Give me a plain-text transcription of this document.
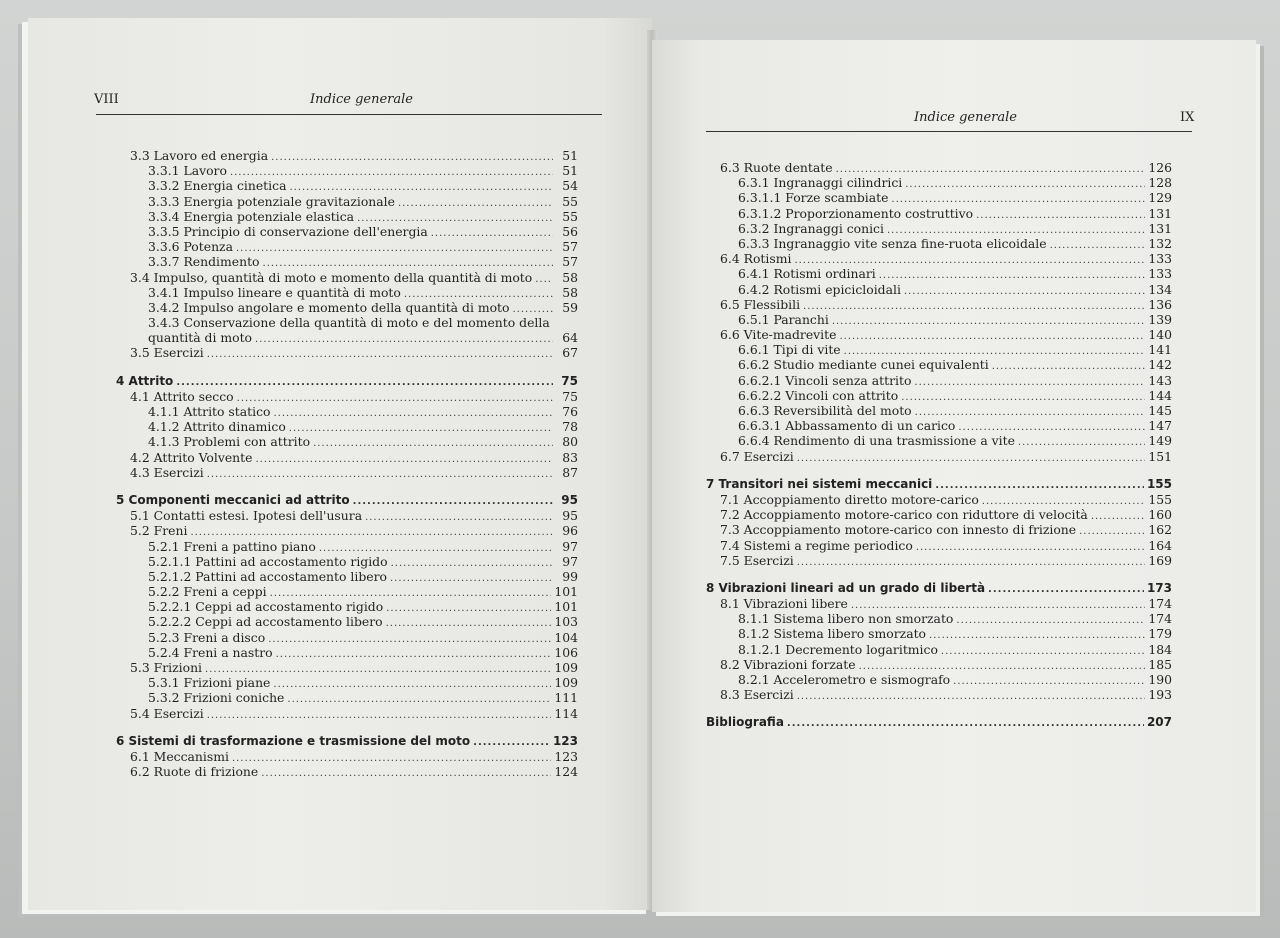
VIII	Indice generale
3.3 Lavoro ed energia .....	51
3.3.1 Lavoro .....	51
3.3.2 Energia cinetica .....	54
3.3.3 Energia potenziale gravitazionale .....	55
3.3.4 Energia potenziale elastica .....	55
3.3.5 Principio di conservazione dell'energia .....	56
3.3.6 Potenza .....	57
3.3.7 Rendimento .....	57
3.4 Impulso, quantità di moto e momento della quantità di moto .....	58
3.4.1 Impulso lineare e quantità di moto .....	58
3.4.2 Impulso angolare e momento della quantità di moto .....	59
3.4.3 Conservazione della quantità di moto e del momento della
quantità di moto .....	64
3.5 Esercizi .....	67
4 Attrito .....	75
4.1 Attrito secco .....	75
4.1.1 Attrito statico .....	76
4.1.2 Attrito dinamico .....	78
4.1.3 Problemi con attrito .....	80
4.2 Attrito Volvente .....	83
4.3 Esercizi .....	87
5 Componenti meccanici ad attrito .....	95
5.1 Contatti estesi. Ipotesi dell'usura .....	95
5.2 Freni .....	96
5.2.1 Freni a pattino piano .....	97
5.2.1.1 Pattini ad accostamento rigido .....	97
5.2.1.2 Pattini ad accostamento libero .....	99
5.2.2 Freni a ceppi .....	101
5.2.2.1 Ceppi ad accostamento rigido .....	101
5.2.2.2 Ceppi ad accostamento libero .....	103
5.2.3 Freni a disco .....	104
5.2.4 Freni a nastro .....	106
5.3 Frizioni .....	109
5.3.1 Frizioni piane .....	109
5.3.2 Frizioni coniche .....	111
5.4 Esercizi .....	114
6 Sistemi di trasformazione e trasmissione del moto .....	123
6.1 Meccanismi .....	123
6.2 Ruote di frizione .....	124
Indice generale	IX
6.3 Ruote dentate .....	126
6.3.1 Ingranaggi cilindrici .....	128
6.3.1.1 Forze scambiate .....	129
6.3.1.2 Proporzionamento costruttivo .....	131
6.3.2 Ingranaggi conici .....	131
6.3.3 Ingranaggio vite senza fine-ruota elicoidale .....	132
6.4 Rotismi .....	133
6.4.1 Rotismi ordinari .....	133
6.4.2 Rotismi epicicloidali .....	134
6.5 Flessibili .....	136
6.5.1 Paranchi .....	139
6.6 Vite-madrevite .....	140
6.6.1 Tipi di vite .....	141
6.6.2 Studio mediante cunei equivalenti .....	142
6.6.2.1 Vincoli senza attrito .....	143
6.6.2.2 Vincoli con attrito .....	144
6.6.3 Reversibilità del moto .....	145
6.6.3.1 Abbassamento di un carico .....	147
6.6.4 Rendimento di una trasmissione a vite .....	149
6.7 Esercizi .....	151
7 Transitori nei sistemi meccanici .....	155
7.1 Accoppiamento diretto motore-carico .....	155
7.2 Accoppiamento motore-carico con riduttore di velocità .....	160
7.3 Accoppiamento motore-carico con innesto di frizione .....	162
7.4 Sistemi a regime periodico .....	164
7.5 Esercizi .....	169
8 Vibrazioni lineari ad un grado di libertà .....	173
8.1 Vibrazioni libere .....	174
8.1.1 Sistema libero non smorzato .....	174
8.1.2 Sistema libero smorzato .....	179
8.1.2.1 Decremento logaritmico .....	184
8.2 Vibrazioni forzate .....	185
8.2.1 Accelerometro e sismografo .....	190
8.3 Esercizi .....	193
Bibliografia .....	207
